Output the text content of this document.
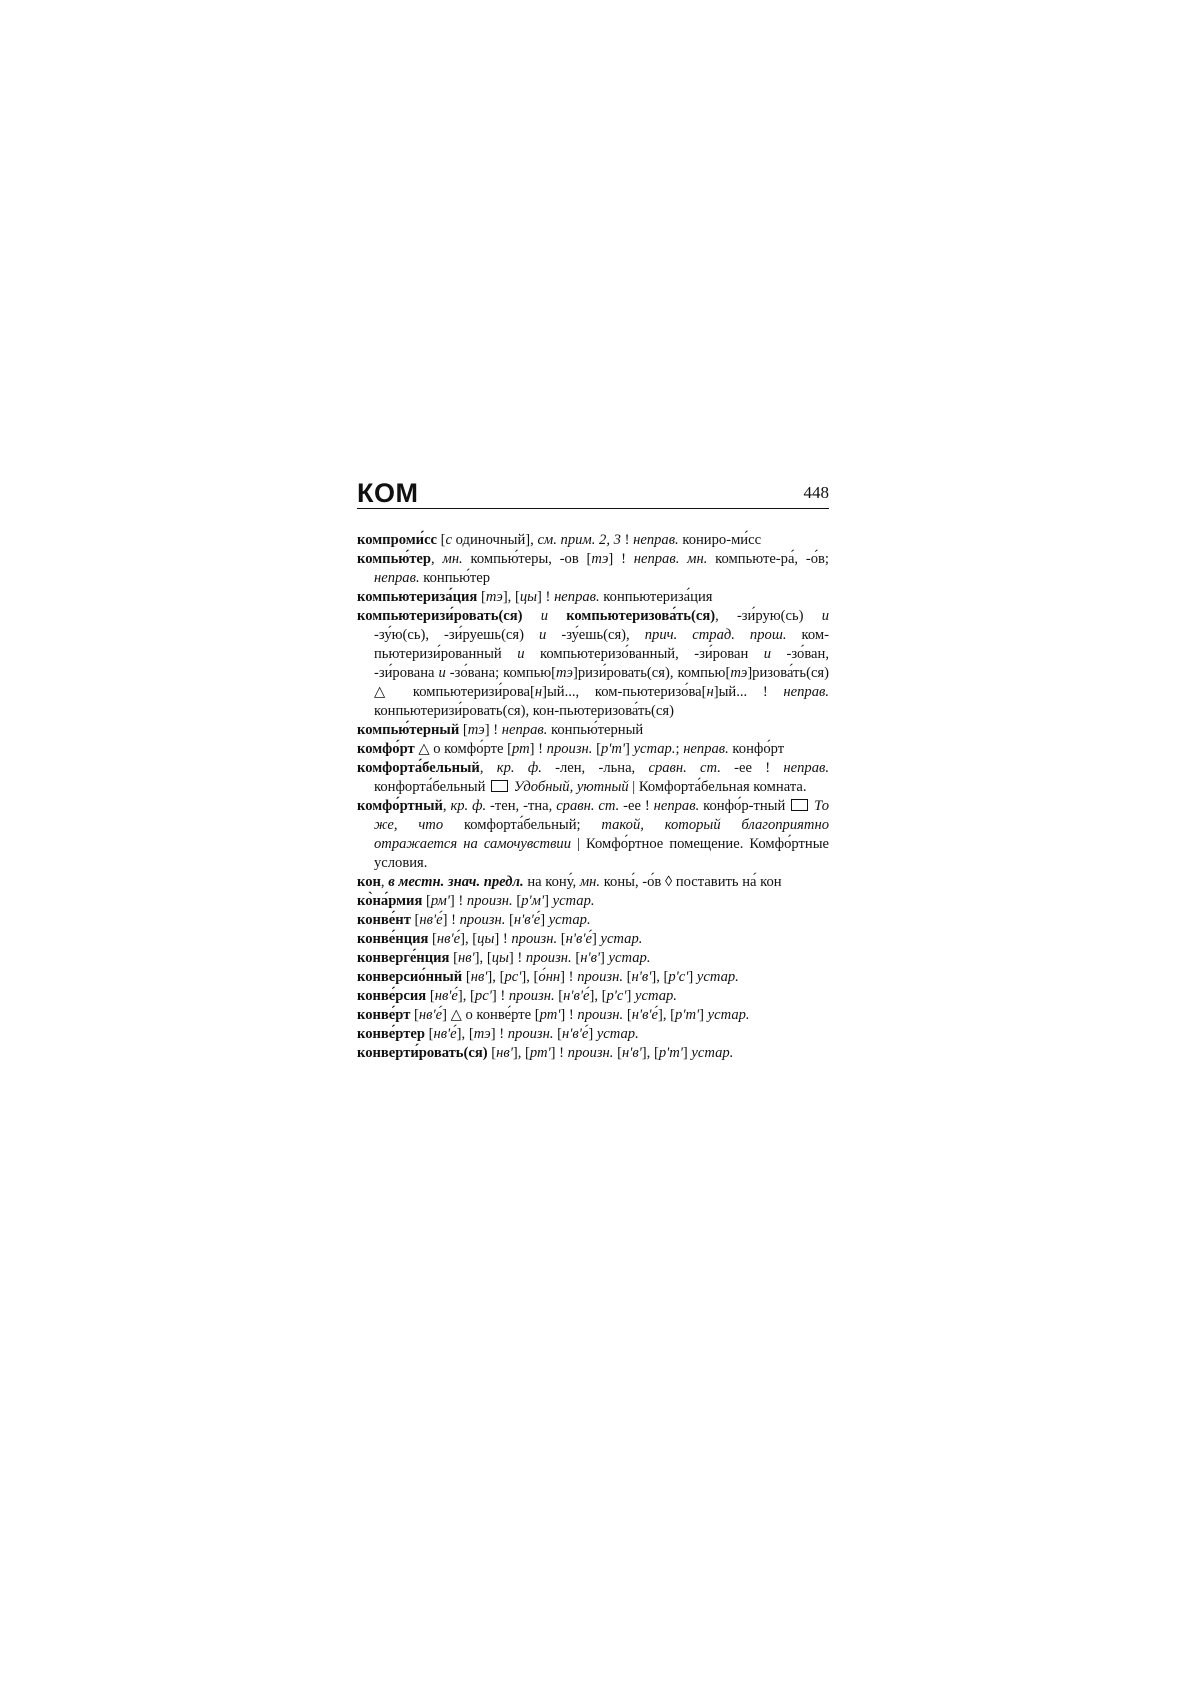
КОМ	448

компроми́сс [с одиночный], см. прим. 2, 3 ! неправ. кониро-ми́сс

компью́тер, мн. компью́теры, -ов [тэ] ! неправ. мн. компьюте-ра́, -о́в; неправ. конпью́тер

компьютериза́ция [тэ], [цы] ! неправ. конпьютериза́ция

компьютеризи́ровать(ся) и компьютеризова́ть(ся), -зи́рую(сь) и -зу́ю(сь), -зи́руешь(ся) и -зу́ешь(ся), прич. страд. прош. ком-пьютеризи́рованный и компьютеризо́ванный, -зи́рован и -зо́ван, -зи́рована и -зо́вана; компью[тэ]ризи́ровать(ся), компью[тэ]ризова́ть(ся) △ компьютеризи́рова[н]ый..., ком-пьютеризо́ва[н]ый... ! неправ. конпьютеризи́ровать(ся), кон-пьютеризова́ть(ся)

компью́терный [тэ] ! неправ. конпью́терный

комфо́рт △ о комфо́рте [рт] ! произн. [р'т'] устар.; неправ. конфо́рт

комфорта́бельный, кр. ф. -лен, -льна, сравн. ст. -ее ! неправ. конфорта́бельный  Удобный, уютный | Комфорта́бельная комната.

комфо́ртный, кр. ф. -тен, -тна, сравн. ст. -ее ! неправ. конфо́р-тный  То же, что комфорта́бельный; такой, который благоприятно отражается на самочувствии | Комфо́ртное помещение. Комфо́ртные условия.

кон, в местн. знач. предл. на кону́, мн. коны́, -о́в ◊ поставить на́ кон

ко̀на́рмия [рм'] ! произн. [р'м'] устар.

конве́нт [нв'е́] ! произн. [н'в'е́] устар.

конве́нция [нв'е́], [цы] ! произн. [н'в'е́] устар.

конверге́нция [нв'], [цы] ! произн. [н'в'] устар.

конверсио́нный [нв'], [рс'], [о́нн] ! произн. [н'в'], [р'с'] устар.

конве́рсия [нв'е́], [рс'] ! произн. [н'в'е́], [р'с'] устар.

конве́рт [нв'е́] △ о конве́рте [рт'] ! произн. [н'в'е́], [р'т'] устар.

конве́ртер [нв'е́], [тэ] ! произн. [н'в'е́] устар.

конверти́ровать(ся) [нв'], [рт'] ! произн. [н'в'], [р'т'] устар.
